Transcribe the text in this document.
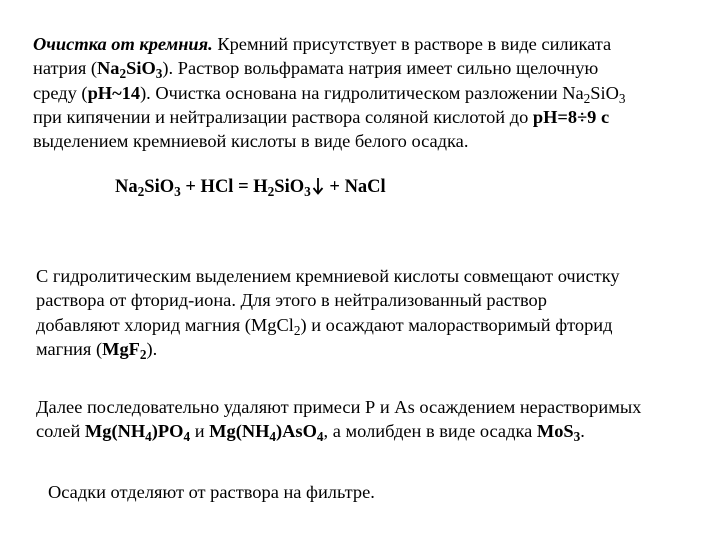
Очистка от кремния. Кремний присутствует в растворе в виде силиката
натрия $(Na_2SiO_3)$. Раствор вольфрамата натрия имеет сильно щелочную
среду (pH~14). Очистка основана на гидролитическом разложении $Na_2SiO_3$
при кипячении и нейтрализации раствора соляной кислотой до pH=8÷9 с
выделением кремниевой кислоты в виде белого осадка.
$Na_2SiO_3$ + HCl = $H_2SiO_3$ + NaCl
С гидролитическим выделением кремниевой кислоты совмещают очистку
раствора от фторид-иона. Для этого в нейтрализованный раствор
добавляют хлорид магния (MgCl$_2$) и осаждают малорастворимый фторид
магния (MgF$_2$).
Далее последовательно удаляют примеси Р и As осаждением нерастворимых
солей $Mg(NH_4)PO_4$ и $Mg(NH_4)AsO_4$, а молибден в виде осадка MoS$_3$.
Осадки отделяют от раствора на фильтре.
